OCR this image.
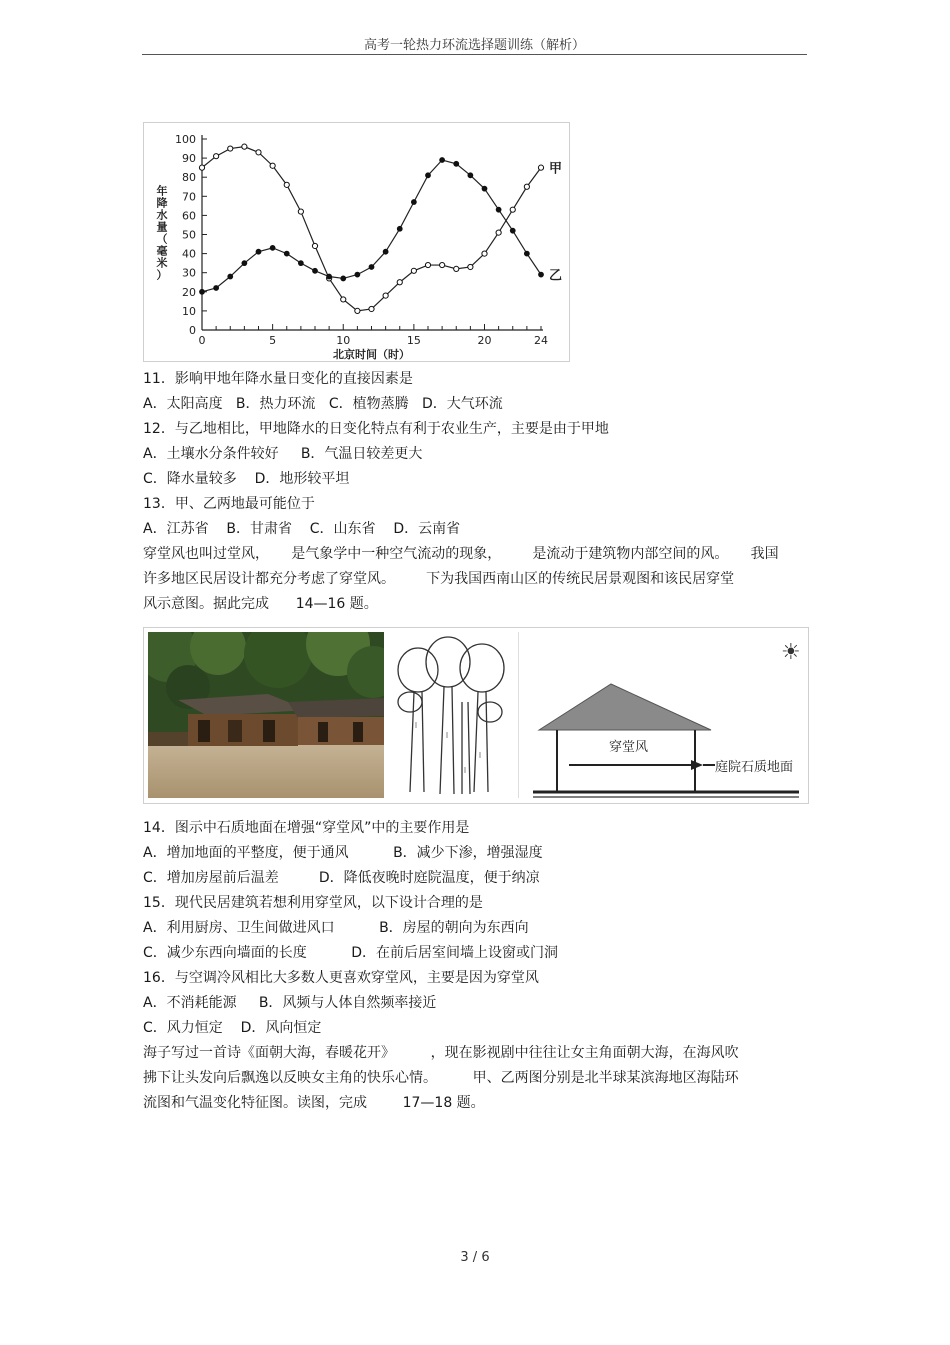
高考一轮热力环流选择题训练（解析）
0
10
20
30
40
50
60
70
80
90
100
0	5	10	15	20	24
北京时间（时）
年
降
水
量
（
毫
米
）
甲
乙
11．影响甲地年降水量日变化的直接因素是
A．太阳高度   B．热力环流   C．植物蒸腾   D．大气环流
12．与乙地相比，甲地降水的日变化特点有利于农业生产，主要是由于甲地
A．土壤水分条件较好     B．气温日较差更大
C．降水量较多    D．地形较平坦
13．甲、乙两地最可能位于
A．江苏省    B．甘肃省    C．山东省    D．云南省
穿堂风也叫过堂风，     是气象学中一种空气流动的现象，       是流动于建筑物内部空间的风。     我国
许多地区民居设计都充分考虑了穿堂风。       下为我国西南山区的传统民居景观图和该民居穿堂
风示意图。据此完成      14—16 题。
☀
穿堂风
庭院石质地面
14．图示中石质地面在增强“穿堂风”中的主要作用是
A．增加地面的平整度，便于通风          B．减少下渗，增强湿度
C．增加房屋前后温差         D．降低夜晚时庭院温度，便于纳凉
15．现代民居建筑若想利用穿堂风，以下设计合理的是
A．利用厨房、卫生间做进风口          B．房屋的朝向为东西向
C．减少东西向墙面的长度          D．在前后居室间墙上设窗或门洞
16．与空调冷风相比大多数人更喜欢穿堂风，主要是因为穿堂风
A．不消耗能源     B．风频与人体自然频率接近
C．风力恒定    D．风向恒定
海子写过一首诗《面朝大海，春暖花开》        ，现在影视剧中往往让女主角面朝大海，在海风吹
拂下让头发向后飘逸以反映女主角的快乐心情。        甲、乙两图分别是北半球某滨海地区海陆环
流图和气温变化特征图。读图，完成        17—18 题。
3 / 6
